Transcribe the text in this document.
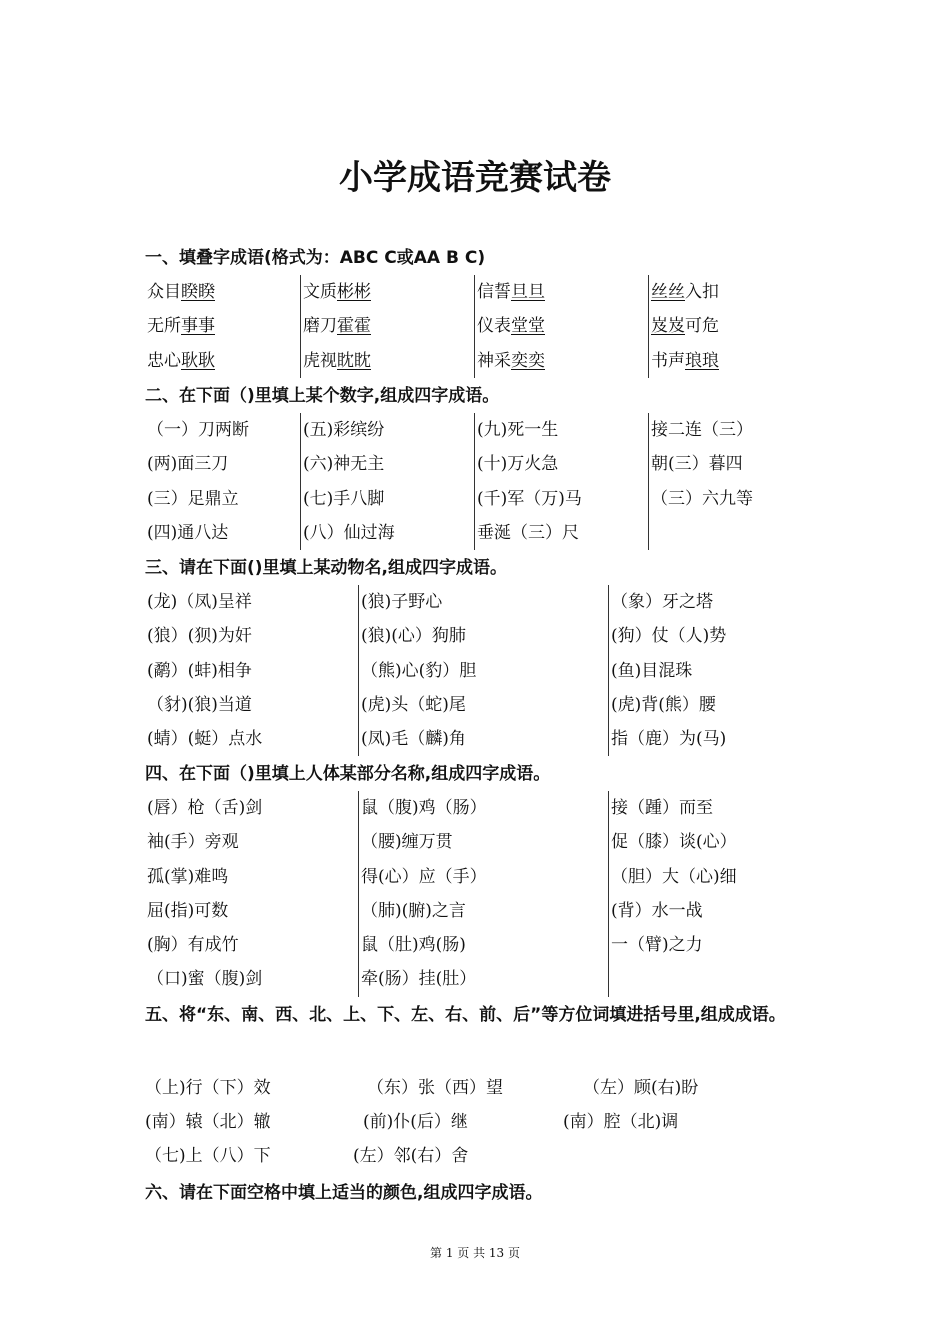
小学成语竞赛试卷
一、填叠字成语(格式为：ABC C或AA B C)
众目睽睽	文质彬彬	信誓旦旦	丝丝入扣
无所事事	磨刀霍霍	仪表堂堂	岌岌可危
忠心耿耿	虎视眈眈	神采奕奕	书声琅琅
二、在下面（)里填上某个数字,组成四字成语。
（一）刀两断	(五)彩缤纷	(九)死一生	接二连（三）
(两)面三刀	(六)神无主	(十)万火急	朝(三）暮四
(三）足鼎立	(七)手八脚	(千)军（万)马	（三）六九等
(四)通八达	(八）仙过海	垂涎（三）尺
三、请在下面()里填上某动物名,组成四字成语。
(龙)（凤)呈祥	(狼)子野心	（象）牙之塔
(狼）(狈)为奸	(狼)(心）狗肺	(狗）仗（人)势
(鹬）(蚌)相争	（熊)心(豹）胆	(鱼)目混珠
（豺)(狼)当道	(虎)头（蛇)尾	(虎)背(熊）腰
(蜻）(蜓）点水	(凤)毛（麟)角	指（鹿）为(马)
四、在下面（)里填上人体某部分名称,组成四字成语。
(唇）枪（舌)剑	鼠（腹)鸡（肠）	接（踵）而至
袖(手）旁观	（腰)缠万贯	促（膝）谈(心）
孤(掌)难鸣	得(心）应（手）	（胆）大（心)细
屈(指)可数	（肺)(腑)之言	(背）水一战
(胸）有成竹	鼠（肚)鸡(肠)	一（臂)之力
（口)蜜（腹)剑	牵(肠）挂(肚）
五、将“东、南、西、北、上、下、左、右、前、后”等方位词填进括号里,组成成语。
（上)行（下）效	（东）张（西）望	（左）顾(右)盼
(南）辕（北）辙	(前)仆(后）继	(南）腔（北)调
（七)上（八）下	(左）邻(右）舍
六、请在下面空格中填上适当的颜色,组成四字成语。
第 1 页 共 13 页
